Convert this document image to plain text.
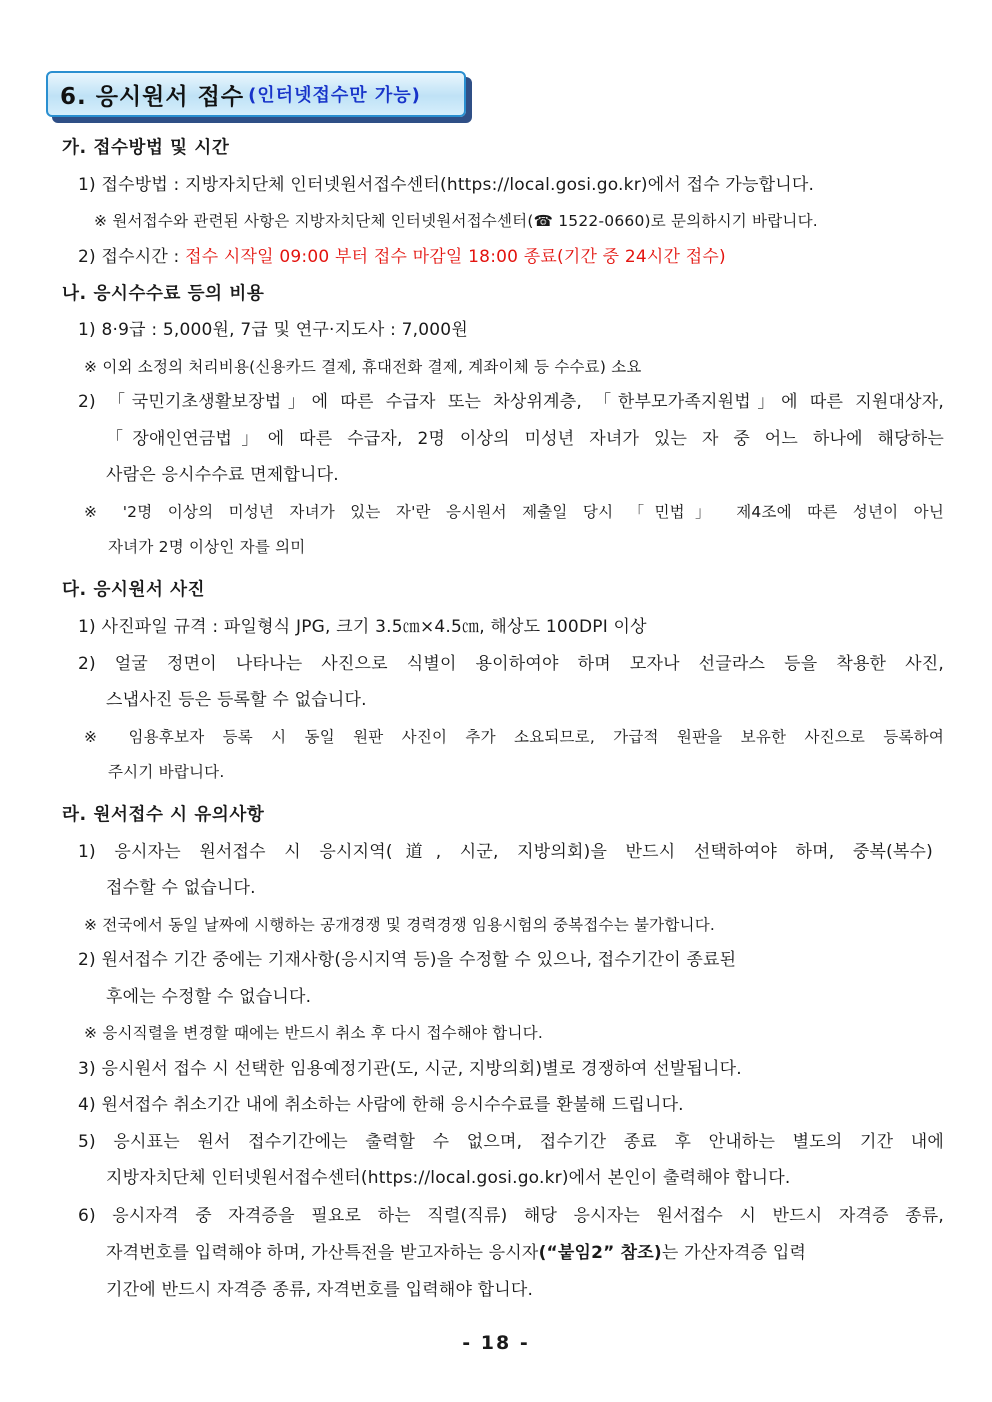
6. 응시원서 접수 (인터넷접수만 가능)
가. 접수방법 및 시간
1) 접수방법 : 지방자치단체 인터넷원서접수센터(https://local.gosi.go.kr)에서 접수 가능합니다.
※ 원서접수와 관련된 사항은 지방자치단체 인터넷원서접수센터(☎ 1522-0660)로 문의하시기 바랍니다.
2) 접수시간 : 접수 시작일 09:00 부터 접수 마감일 18:00 종료(기간 중 24시간 접수)
나. 응시수수료 등의 비용
1) 8·9급 : 5,000원, 7급 및 연구·지도사 : 7,000원
※ 이외 소정의 처리비용(신용카드 결제, 휴대전화 결제, 계좌이체 등 수수료) 소요
2) 「국민기초생활보장법」에 따른 수급자 또는 차상위계층, 「한부모가족지원법」에 따른 지원대상자,
「장애인연금법」에 따른 수급자, 2명 이상의 미성년 자녀가 있는 자 중 어느 하나에 해당하는
사람은 응시수수료 면제합니다.
※ '2명 이상의 미성년 자녀가 있는 자'란 응시원서 제출일 당시 「민법」 제4조에 따른 성년이 아닌
자녀가 2명 이상인 자를 의미
다. 응시원서 사진
1) 사진파일 규격 : 파일형식 JPG, 크기 3.5㎝×4.5㎝, 해상도 100DPI 이상
2) 얼굴 정면이 나타나는 사진으로 식별이 용이하여야 하며 모자나 선글라스 등을 착용한 사진,
스냅사진 등은 등록할 수 없습니다.
※ 임용후보자 등록 시 동일 원판 사진이 추가 소요되므로, 가급적 원판을 보유한 사진으로 등록하여
주시기 바랍니다.
라. 원서접수 시 유의사항
1) 응시자는 원서접수 시 응시지역(道, 시군, 지방의회)을 반드시 선택하여야 하며, 중복(복수)
접수할 수 없습니다.
※ 전국에서 동일 날짜에 시행하는 공개경쟁 및 경력경쟁 임용시험의 중복접수는 불가합니다.
2) 원서접수 기간 중에는 기재사항(응시지역 등)을 수정할 수 있으나, 접수기간이 종료된
후에는 수정할 수 없습니다.
※ 응시직렬을 변경할 때에는 반드시 취소 후 다시 접수해야 합니다.
3) 응시원서 접수 시 선택한 임용예정기관(도, 시군, 지방의회)별로 경쟁하여 선발됩니다.
4) 원서접수 취소기간 내에 취소하는 사람에 한해 응시수수료를 환불해 드립니다.
5) 응시표는 원서 접수기간에는 출력할 수 없으며, 접수기간 종료 후 안내하는 별도의 기간 내에
지방자치단체 인터넷원서접수센터(https://local.gosi.go.kr)에서 본인이 출력해야 합니다.
6) 응시자격 중 자격증을 필요로 하는 직렬(직류) 해당 응시자는 원서접수 시 반드시 자격증 종류,
자격번호를 입력해야 하며, 가산특전을 받고자하는 응시자(“붙임2” 참조)는 가산자격증 입력
기간에 반드시 자격증 종류, 자격번호를 입력해야 합니다.
- 18 -
